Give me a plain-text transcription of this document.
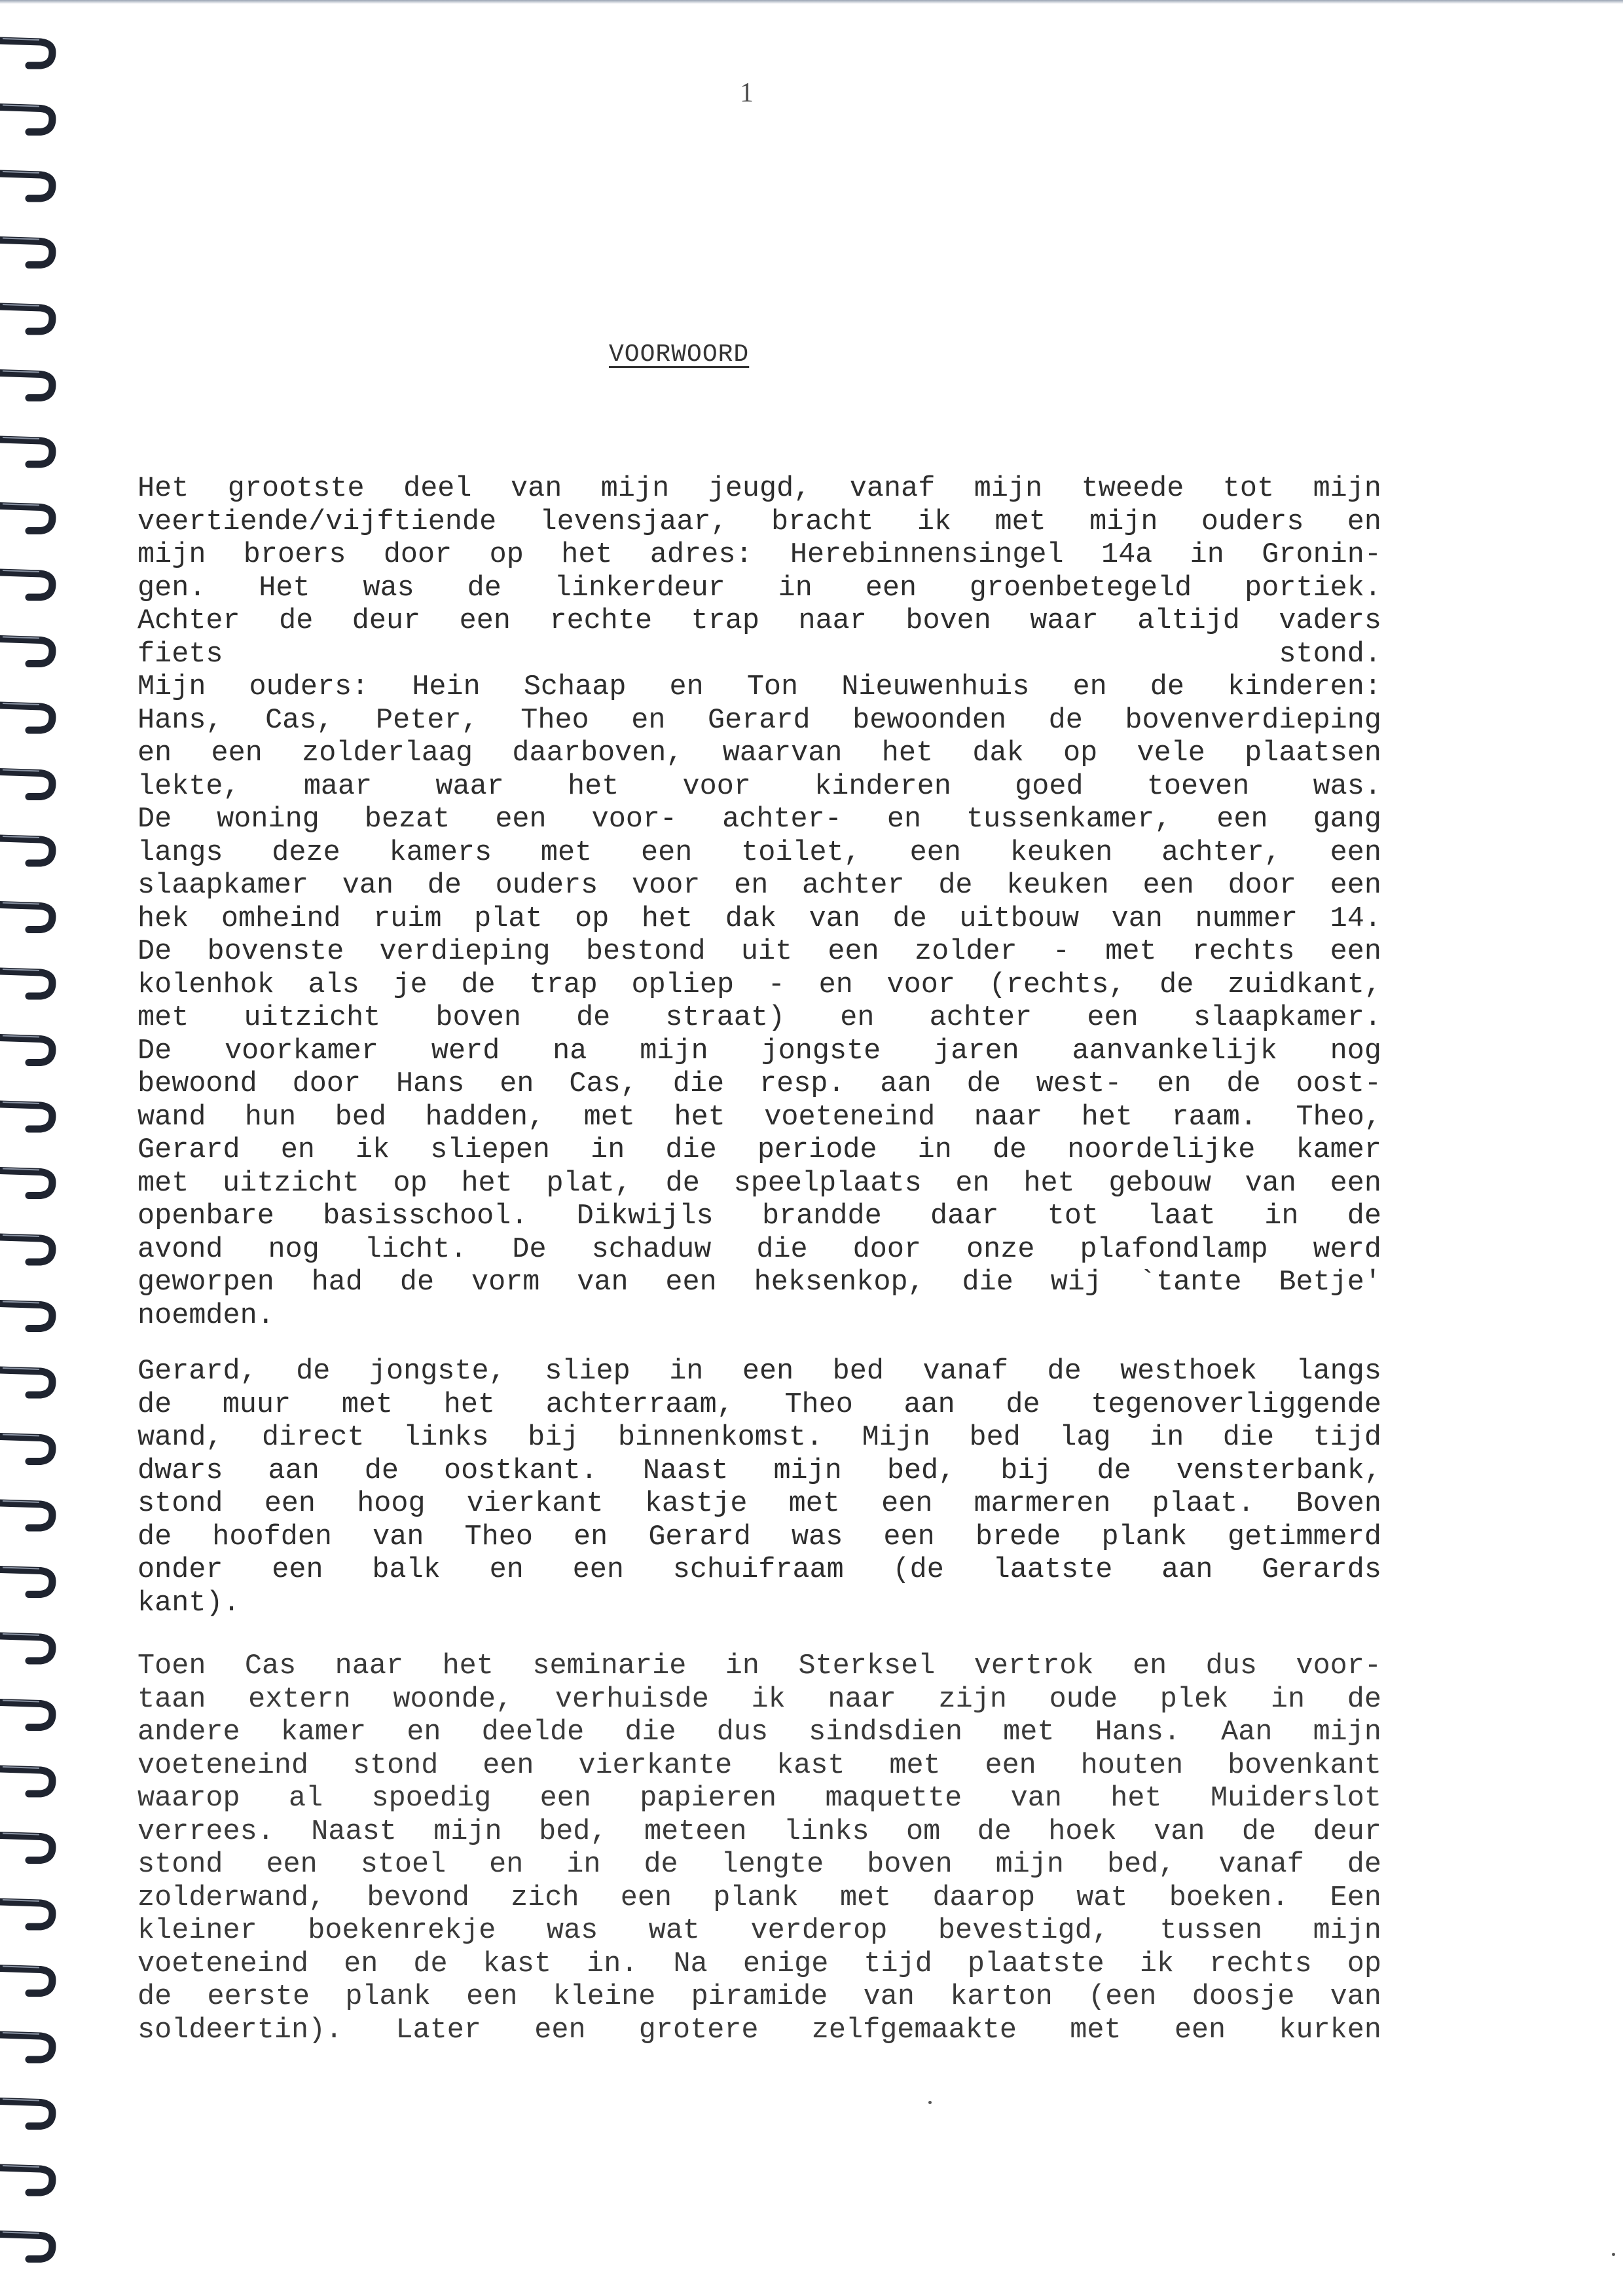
1
VOORWOORD
Het grootste deel van mijn jeugd, vanaf mijn tweede tot mijn
veertiende/vijftiende levensjaar, bracht ik met mijn ouders en
mijn broers door op het adres: Herebinnensingel 14a in Gronin-
gen. Het was de linkerdeur in een groenbetegeld portiek.
Achter de deur een rechte trap naar boven waar altijd vaders
fiets stond.
Mijn ouders: Hein Schaap en Ton Nieuwenhuis en de kinderen:
Hans, Cas, Peter, Theo en Gerard bewoonden de bovenverdieping
en een zolderlaag daarboven, waarvan het dak op vele plaatsen
lekte, maar waar het voor kinderen goed toeven was.
De woning bezat een voor- achter- en tussenkamer, een gang
langs deze kamers met een toilet, een keuken achter, een
slaapkamer van de ouders voor en achter de keuken een door een
hek omheind ruim plat op het dak van de uitbouw van nummer 14.
De bovenste verdieping bestond uit een zolder - met rechts een
kolenhok als je de trap opliep - en voor (rechts, de zuidkant,
met uitzicht boven de straat) en achter een slaapkamer.
De voorkamer werd na mijn jongste jaren aanvankelijk nog
bewoond door Hans en Cas, die resp. aan de west- en de oost-
wand hun bed hadden, met het voeteneind naar het raam. Theo,
Gerard en ik sliepen in die periode in de noordelijke kamer
met uitzicht op het plat, de speelplaats en het gebouw van een
openbare basisschool. Dikwijls brandde daar tot laat in de
avond nog licht. De schaduw die door onze plafondlamp werd
geworpen had de vorm van een heksenkop, die wij `tante Betje'
noemden.
Gerard, de jongste, sliep in een bed vanaf de westhoek langs
de muur met het achterraam, Theo aan de tegenoverliggende
wand, direct links bij binnenkomst. Mijn bed lag in die tijd
dwars aan de oostkant. Naast mijn bed, bij de vensterbank,
stond een hoog vierkant kastje met een marmeren plaat. Boven
de hoofden van Theo en Gerard was een brede plank getimmerd
onder een balk en een schuifraam (de laatste aan Gerards
kant).
Toen Cas naar het seminarie in Sterksel vertrok en dus voor-
taan extern woonde, verhuisde ik naar zijn oude plek in de
andere kamer en deelde die dus sindsdien met Hans. Aan mijn
voeteneind stond een vierkante kast met een houten bovenkant
waarop al spoedig een papieren maquette van het Muiderslot
verrees. Naast mijn bed, meteen links om de hoek van de deur
stond een stoel en in de lengte boven mijn bed, vanaf de
zolderwand, bevond zich een plank met daarop wat boeken. Een
kleiner boekenrekje was wat verderop bevestigd, tussen mijn
voeteneind en de kast in. Na enige tijd plaatste ik rechts op
de eerste plank een kleine piramide van karton (een doosje van
soldeertin). Later een grotere zelfgemaakte met een kurken
